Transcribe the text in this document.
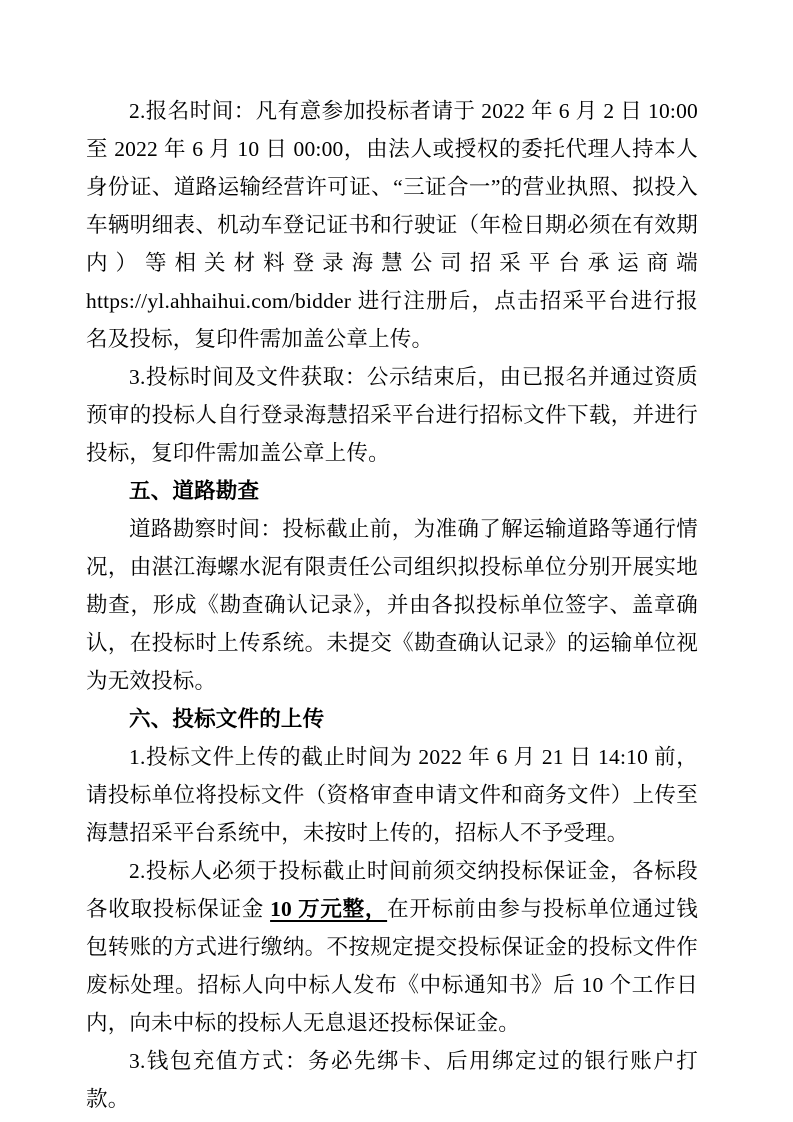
2.报名时间：凡有意参加投标者请于 2022 年 6 月 2 日 10:00 至 2022 年 6 月 10 日 00:00，由法人或授权的委托代理人持本人身份证、道路运输经营许可证、“三证合一”的营业执照、拟投入车辆明细表、机动车登记证书和行驶证（年检日期必须在有效期内）等相关材料登录海慧公司招采平台承运商端 https://yl.ahhaihui.com/bidder 进行注册后，点击招采平台进行报名及投标，复印件需加盖公章上传。

3.投标时间及文件获取：公示结束后，由已报名并通过资质预审的投标人自行登录海慧招采平台进行招标文件下载，并进行投标，复印件需加盖公章上传。

五、道路勘查

道路勘察时间：投标截止前，为准确了解运输道路等通行情况，由湛江海螺水泥有限责任公司组织拟投标单位分别开展实地勘查，形成《勘查确认记录》，并由各拟投标单位签字、盖章确认，在投标时上传系统。未提交《勘查确认记录》的运输单位视为无效投标。

六、投标文件的上传

1.投标文件上传的截止时间为 2022 年 6 月 21 日 14:10 前，请投标单位将投标文件（资格审查申请文件和商务文件）上传至海慧招采平台系统中，未按时上传的，招标人不予受理。

2.投标人必须于投标截止时间前须交纳投标保证金，各标段各收取投标保证金 10 万元整，在开标前由参与投标单位通过钱包转账的方式进行缴纳。不按规定提交投标保证金的投标文件作废标处理。招标人向中标人发布《中标通知书》后 10 个工作日内，向未中标的投标人无息退还投标保证金。

3.钱包充值方式：务必先绑卡、后用绑定过的银行账户打款。
